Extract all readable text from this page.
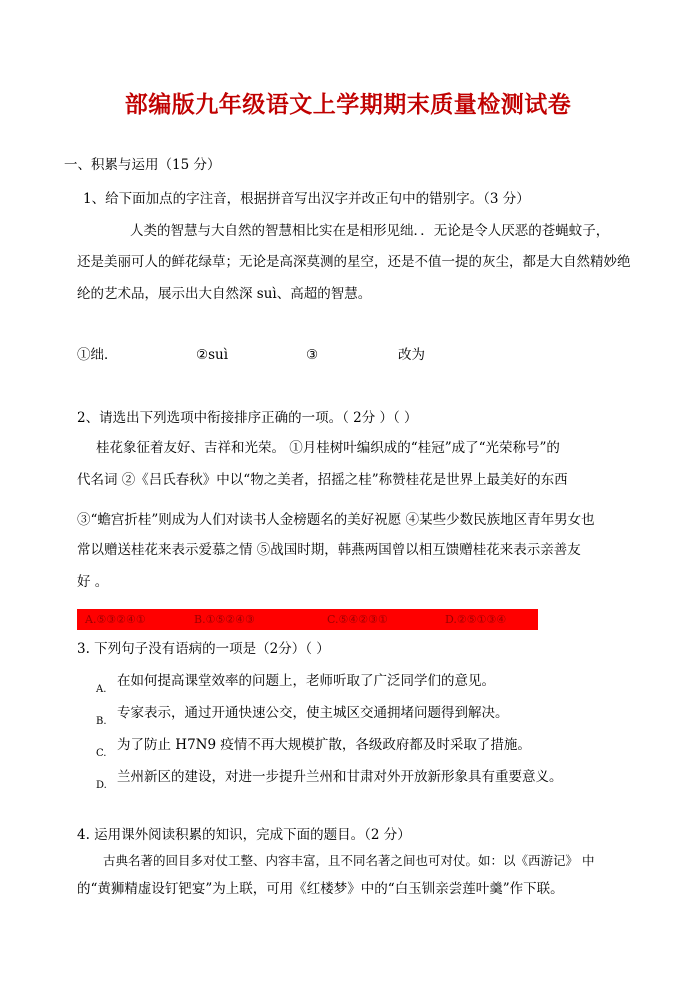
部编版九年级语文上学期期末质量检测试卷
一、积累与运用（15 分）
1、给下面加点的字注音，根据拼音写出汉字并改正句中的错别字。（3 分）
人类的智慧与大自然的智慧相比实在是相形见绌．．无论是令人厌恶的苍蝇蚊子，
还是美丽可人的鲜花绿草；无论是高深莫测的星空，还是不值一提的灰尘，都是大自然精妙绝
纶的艺术品，展示出大自然深 suì、高超的智慧。
①绌．	②suì	③	改为
2、请选出下列选项中衔接排序正确的一项。（ 2分 ）（ ）
桂花象征着友好、吉祥和光荣。 ①月桂树叶编织成的“桂冠”成了“光荣称号”的
代名词 ②《吕氏春秋》中以“物之美者，招摇之桂”称赞桂花是世界上最美好的东西
③“蟾宫折桂”则成为人们对读书人金榜题名的美好祝愿 ④某些少数民族地区青年男女也
常以赠送桂花来表示爱慕之情 ⑤战国时期，韩燕两国曾以相互馈赠桂花来表示亲善友
好 。
A.⑤③②④①	B.①⑤②④③	C.⑤④②③①	D.②⑤①③④
3. 下列句子没有语病的一项是（2分）（ ）
A.
在如何提高课堂效率的问题上，老师听取了广泛同学们的意见。
B.
专家表示，通过开通快速公交，使主城区交通拥堵问题得到解决。
C.
为了防止 H7N9 疫情不再大规模扩散，各级政府都及时采取了措施。
D.
兰州新区的建设，对进一步提升兰州和甘肃对外开放新形象具有重要意义。
4. 运用课外阅读积累的知识，完成下面的题目。（2 分）
古典名著的回目多对仗工整、内容丰富，且不同名著之间也可对仗。如：以《西游记》 中
的“黄狮精虚设钉钯宴”为上联，可用《红楼梦》中的“白玉钏亲尝莲叶羹”作下联。
